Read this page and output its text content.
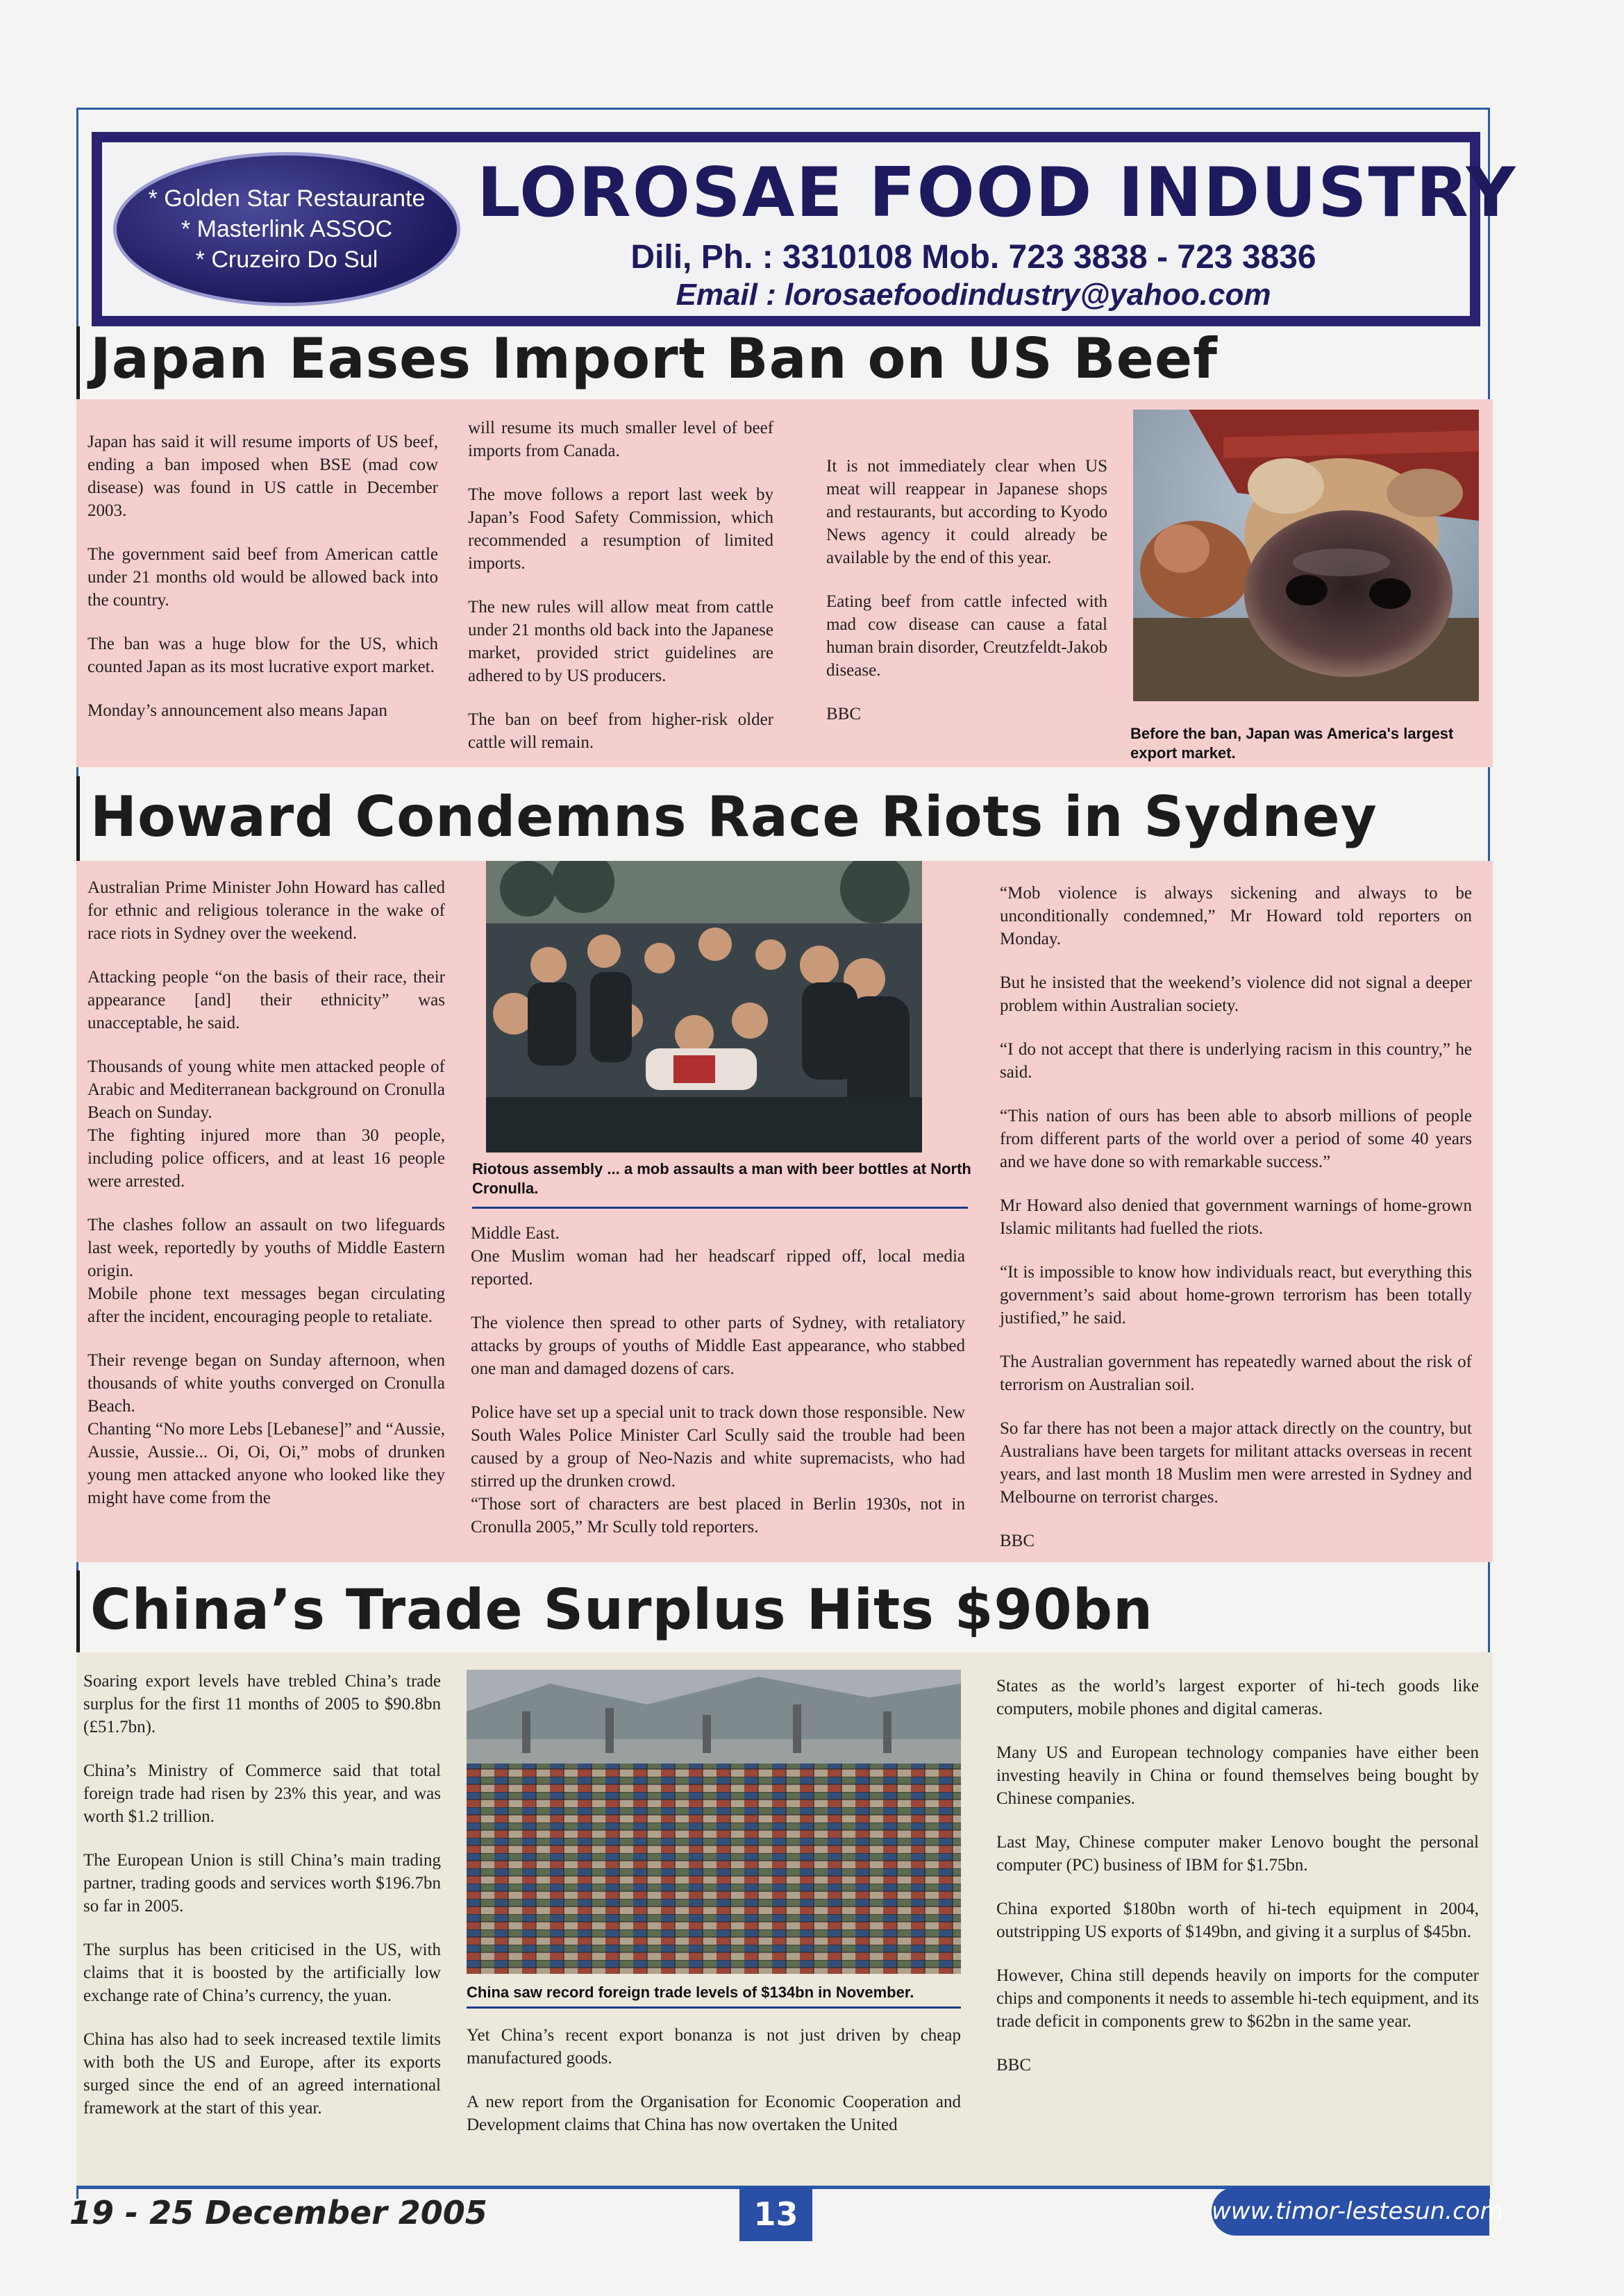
* Golden Star Restaurante
* Masterlink ASSOC
* Cruzeiro Do Sul
LOROSAE FOOD INDUSTRY
Dili, Ph. : 3310108 Mob. 723 3838 - 723 3836
Email : lorosaefoodindustry@yahoo.com
Japan Eases Import Ban on US Beef

Japan has said it will resume imports of US beef, ending a ban imposed when BSE (mad cow disease) was found in US cattle in December 2003.

The government said beef from American cattle under 21 months old would be allowed back into the country.

The ban was a huge blow for the US, which counted Japan as its most lucrative export market.

Monday’s announcement also means Japan

will resume its much smaller level of beef imports from Canada.

The move follows a report last week by Japan’s Food Safety Commission, which recommended a resumption of limited imports.

The new rules will allow meat from cattle under 21 months old back into the Japanese market, provided strict guidelines are adhered to by US producers.

The ban on beef from higher-risk older cattle will remain.

It is not immediately clear when US meat will reappear in Japanese shops and restaurants, but according to Kyodo News agency it could already be available by the end of this year.

Eating beef from cattle infected with mad cow disease can cause a fatal human brain disorder, Creutzfeldt-Jakob disease.

BBC

Before the ban, Japan was America's largest export market.
Howard Condemns Race Riots in Sydney

Australian Prime Minister John Howard has called for ethnic and religious tolerance in the wake of race riots in Sydney over the weekend.

Attacking people “on the basis of their race, their appearance [and] their ethnicity” was unacceptable, he said.

Thousands of young white men attacked people of Arabic and Mediterranean background on Cronulla Beach on Sunday.

The fighting injured more than 30 people, including police officers, and at least 16 people were arrested.

The clashes follow an assault on two lifeguards last week, reportedly by youths of Middle Eastern origin.

Mobile phone text messages began circulating after the incident, encouraging people to retaliate.

Their revenge began on Sunday afternoon, when thousands of white youths converged on Cronulla Beach.

Chanting “No more Lebs [Lebanese]” and “Aussie, Aussie, Aussie... Oi, Oi, Oi,” mobs of drunken young men attacked anyone who looked like they might have come from the

Riotous assembly ... a mob assaults a man with beer bottles at North Cronulla.

Middle East.

One Muslim woman had her headscarf ripped off, local media reported.

The violence then spread to other parts of Sydney, with retaliatory attacks by groups of youths of Middle East appearance, who stabbed one man and damaged dozens of cars.

Police have set up a special unit to track down those responsible. New South Wales Police Minister Carl Scully said the trouble had been caused by a group of Neo-Nazis and white supremacists, who had stirred up the drunken crowd.

“Those sort of characters are best placed in Berlin 1930s, not in Cronulla 2005,” Mr Scully told reporters.

“Mob violence is always sickening and always to be unconditionally condemned,” Mr Howard told reporters on Monday.

But he insisted that the weekend’s violence did not signal a deeper problem within Australian society.

“I do not accept that there is underlying racism in this country,” he said.

“This nation of ours has been able to absorb millions of people from different parts of the world over a period of some 40 years and we have done so with remarkable success.”

Mr Howard also denied that government warnings of home-grown Islamic militants had fuelled the riots.

“It is impossible to know how individuals react, but everything this government’s said about home-grown terrorism has been totally justified,” he said.

The Australian government has repeatedly warned about the risk of terrorism on Australian soil.

So far there has not been a major attack directly on the country, but Australians have been targets for militant attacks overseas in recent years, and last month 18 Muslim men were arrested in Sydney and Melbourne on terrorist charges.

BBC

China’s Trade Surplus Hits $90bn

Soaring export levels have trebled China’s trade surplus for the first 11 months of 2005 to $90.8bn (£51.7bn).

China’s Ministry of Commerce said that total foreign trade had risen by 23% this year, and was worth $1.2 trillion.

The European Union is still China’s main trading partner, trading goods and services worth $196.7bn so far in 2005.

The surplus has been criticised in the US, with claims that it is boosted by the artificially low exchange rate of China’s currency, the yuan.

China has also had to seek increased textile limits with both the US and Europe, after its exports surged since the end of an agreed international framework at the start of this year.

China saw record foreign trade levels of $134bn in November.

Yet China’s recent export bonanza is not just driven by cheap manufactured goods.

A new report from the Organisation for Economic Cooperation and Development claims that China has now overtaken the United

States as the world’s largest exporter of hi-tech goods like computers, mobile phones and digital cameras.

Many US and European technology companies have either been investing heavily in China or found themselves being bought by Chinese companies.

Last May, Chinese computer maker Lenovo bought the personal computer (PC) business of IBM for $1.75bn.

China exported $180bn worth of hi-tech equipment in 2004, outstripping US exports of $149bn, and giving it a surplus of $45bn.

However, China still depends heavily on imports for the computer chips and components it needs to assemble hi-tech equipment, and its trade deficit in components grew to $62bn in the same year.

BBC

19 - 25 December 2005	13	www.timor-lestesun.com
